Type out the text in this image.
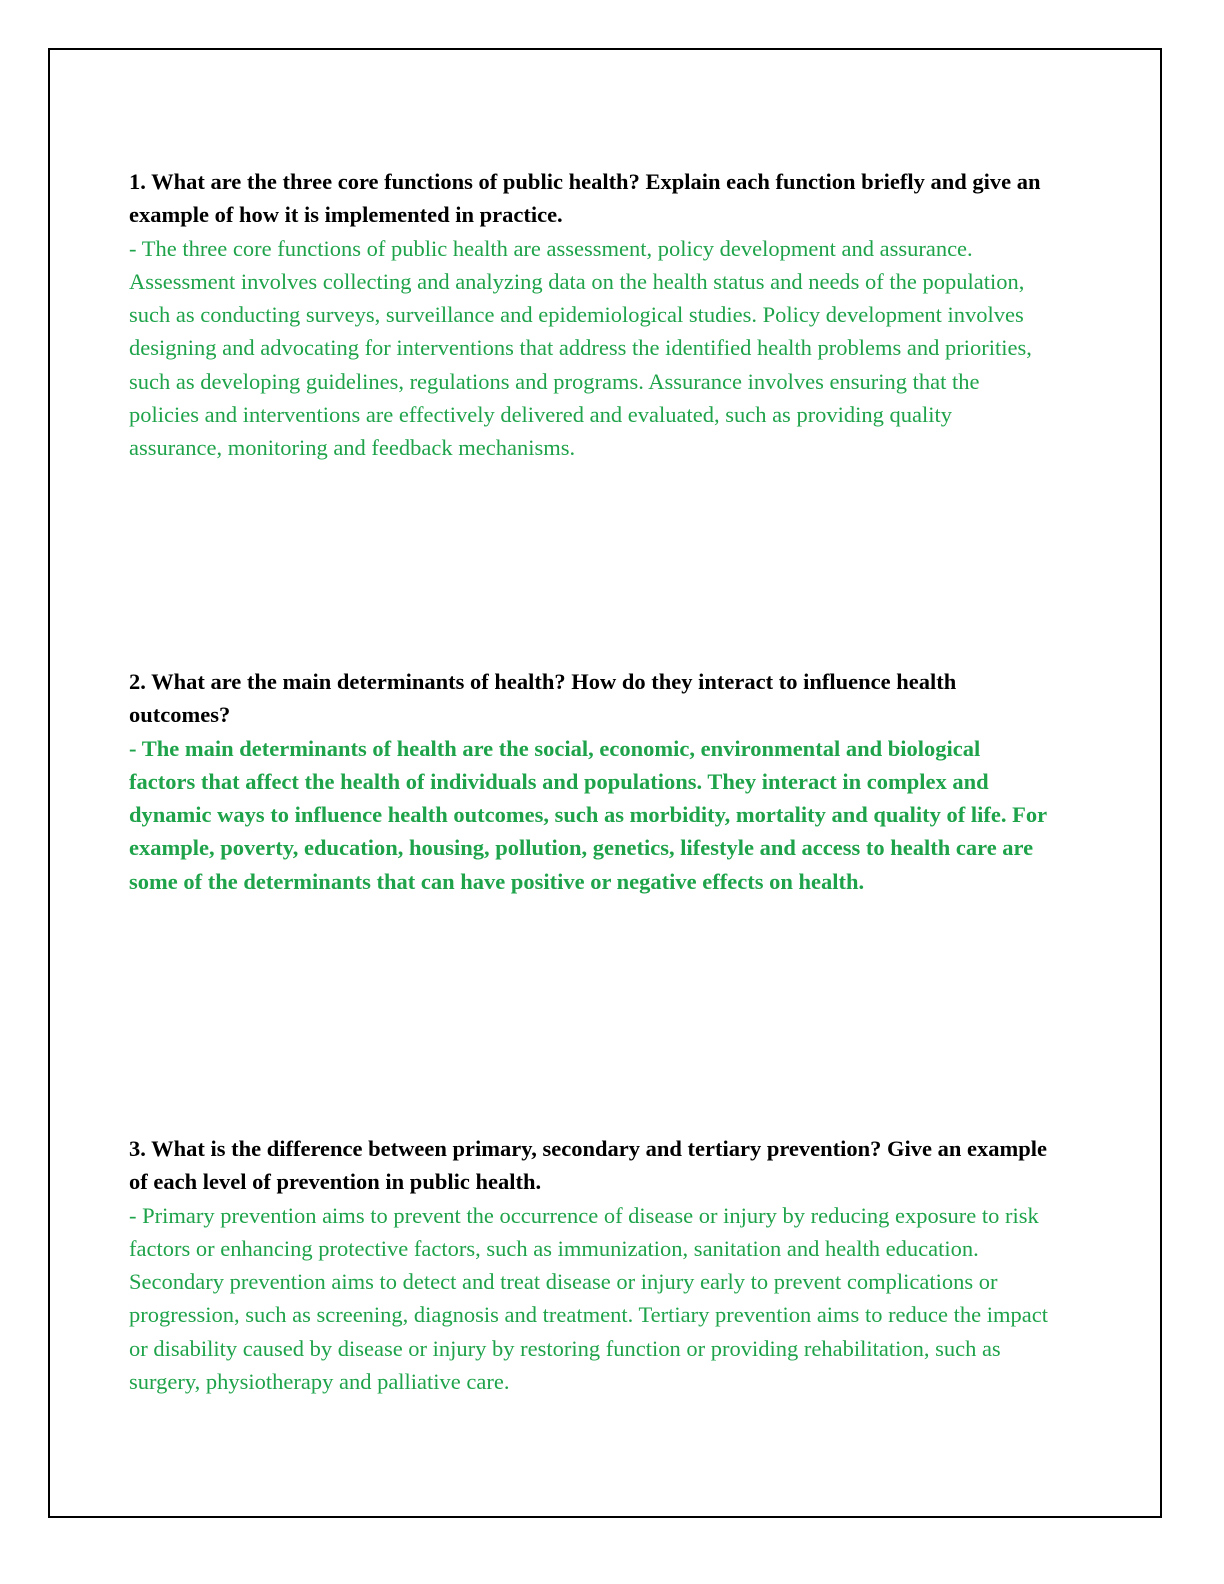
1. What are the three core functions of public health? Explain each function briefly and give an example of how it is implemented in practice.

- The three core functions of public health are assessment, policy development and assurance. Assessment involves collecting and analyzing data on the health status and needs of the population, such as conducting surveys, surveillance and epidemiological studies. Policy development involves designing and advocating for interventions that address the identified health problems and priorities, such as developing guidelines, regulations and programs. Assurance involves ensuring that the policies and interventions are effectively delivered and evaluated, such as providing quality assurance, monitoring and feedback mechanisms.

2. What are the main determinants of health? How do they interact to influence health outcomes?

- The main determinants of health are the social, economic, environmental and biological factors that affect the health of individuals and populations. They interact in complex and dynamic ways to influence health outcomes, such as morbidity, mortality and quality of life. For example, poverty, education, housing, pollution, genetics, lifestyle and access to health care are some of the determinants that can have positive or negative effects on health.

3. What is the difference between primary, secondary and tertiary prevention? Give an example of each level of prevention in public health.

- Primary prevention aims to prevent the occurrence of disease or injury by reducing exposure to risk factors or enhancing protective factors, such as immunization, sanitation and health education. Secondary prevention aims to detect and treat disease or injury early to prevent complications or progression, such as screening, diagnosis and treatment. Tertiary prevention aims to reduce the impact or disability caused by disease or injury by restoring function or providing rehabilitation, such as surgery, physiotherapy and palliative care.
